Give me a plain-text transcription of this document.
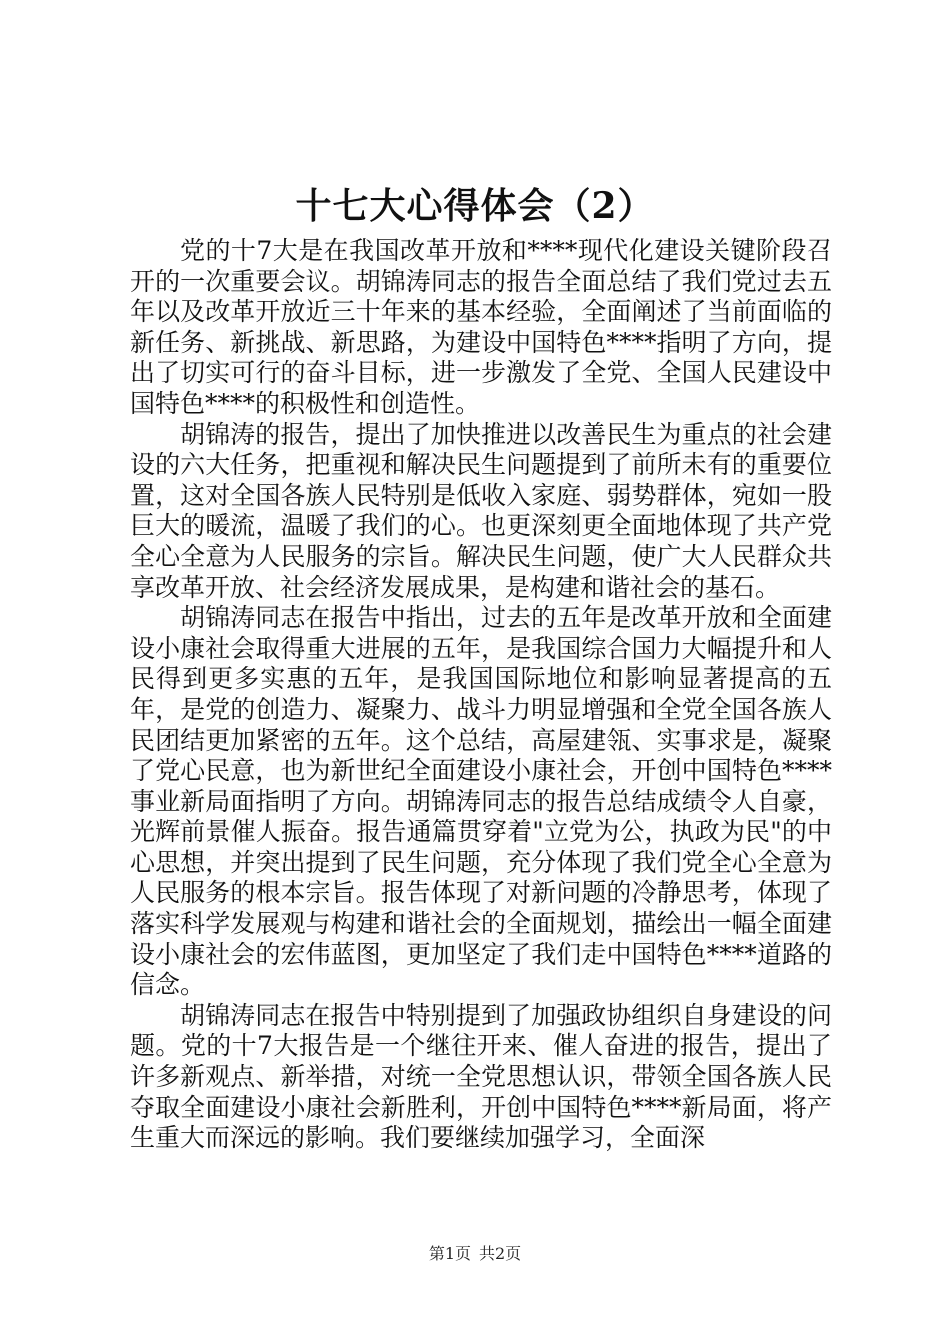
十七大心得体会（2）

党的十7大是在我国改革开放和****现代化建设关键阶段召开的一次重要会议。胡锦涛同志的报告全面总结了我们党过去五年以及改革开放近三十年来的基本经验，全面阐述了当前面临的新任务、新挑战、新思路，为建设中国特色****指明了方向，提出了切实可行的奋斗目标，进一步激发了全党、全国人民建设中国特色****的积极性和创造性。

胡锦涛的报告，提出了加快推进以改善民生为重点的社会建设的六大任务，把重视和解决民生问题提到了前所未有的重要位置，这对全国各族人民特别是低收入家庭、弱势群体，宛如一股巨大的暖流，温暖了我们的心。也更深刻更全面地体现了共产党全心全意为人民服务的宗旨。解决民生问题，使广大人民群众共享改革开放、社会经济发展成果，是构建和谐社会的基石。

胡锦涛同志在报告中指出，过去的五年是改革开放和全面建设小康社会取得重大进展的五年，是我国综合国力大幅提升和人民得到更多实惠的五年，是我国国际地位和影响显著提高的五年，是党的创造力、凝聚力、战斗力明显增强和全党全国各族人民团结更加紧密的五年。这个总结，高屋建瓴、实事求是，凝聚了党心民意，也为新世纪全面建设小康社会，开创中国特色****事业新局面指明了方向。胡锦涛同志的报告总结成绩令人自豪，光辉前景催人振奋。报告通篇贯穿着"立党为公，执政为民"的中心思想，并突出提到了民生问题，充分体现了我们党全心全意为人民服务的根本宗旨。报告体现了对新问题的冷静思考，体现了落实科学发展观与构建和谐社会的全面规划，描绘出一幅全面建设小康社会的宏伟蓝图，更加坚定了我们走中国特色****道路的信念。

胡锦涛同志在报告中特别提到了加强政协组织自身建设的问题。党的十7大报告是一个继往开来、催人奋进的报告，提出了许多新观点、新举措，对统一全党思想认识，带领全国各族人民夺取全面建设小康社会新胜利，开创中国特色****新局面，将产生重大而深远的影响。我们要继续加强学习，全面深

第1页 共2页
